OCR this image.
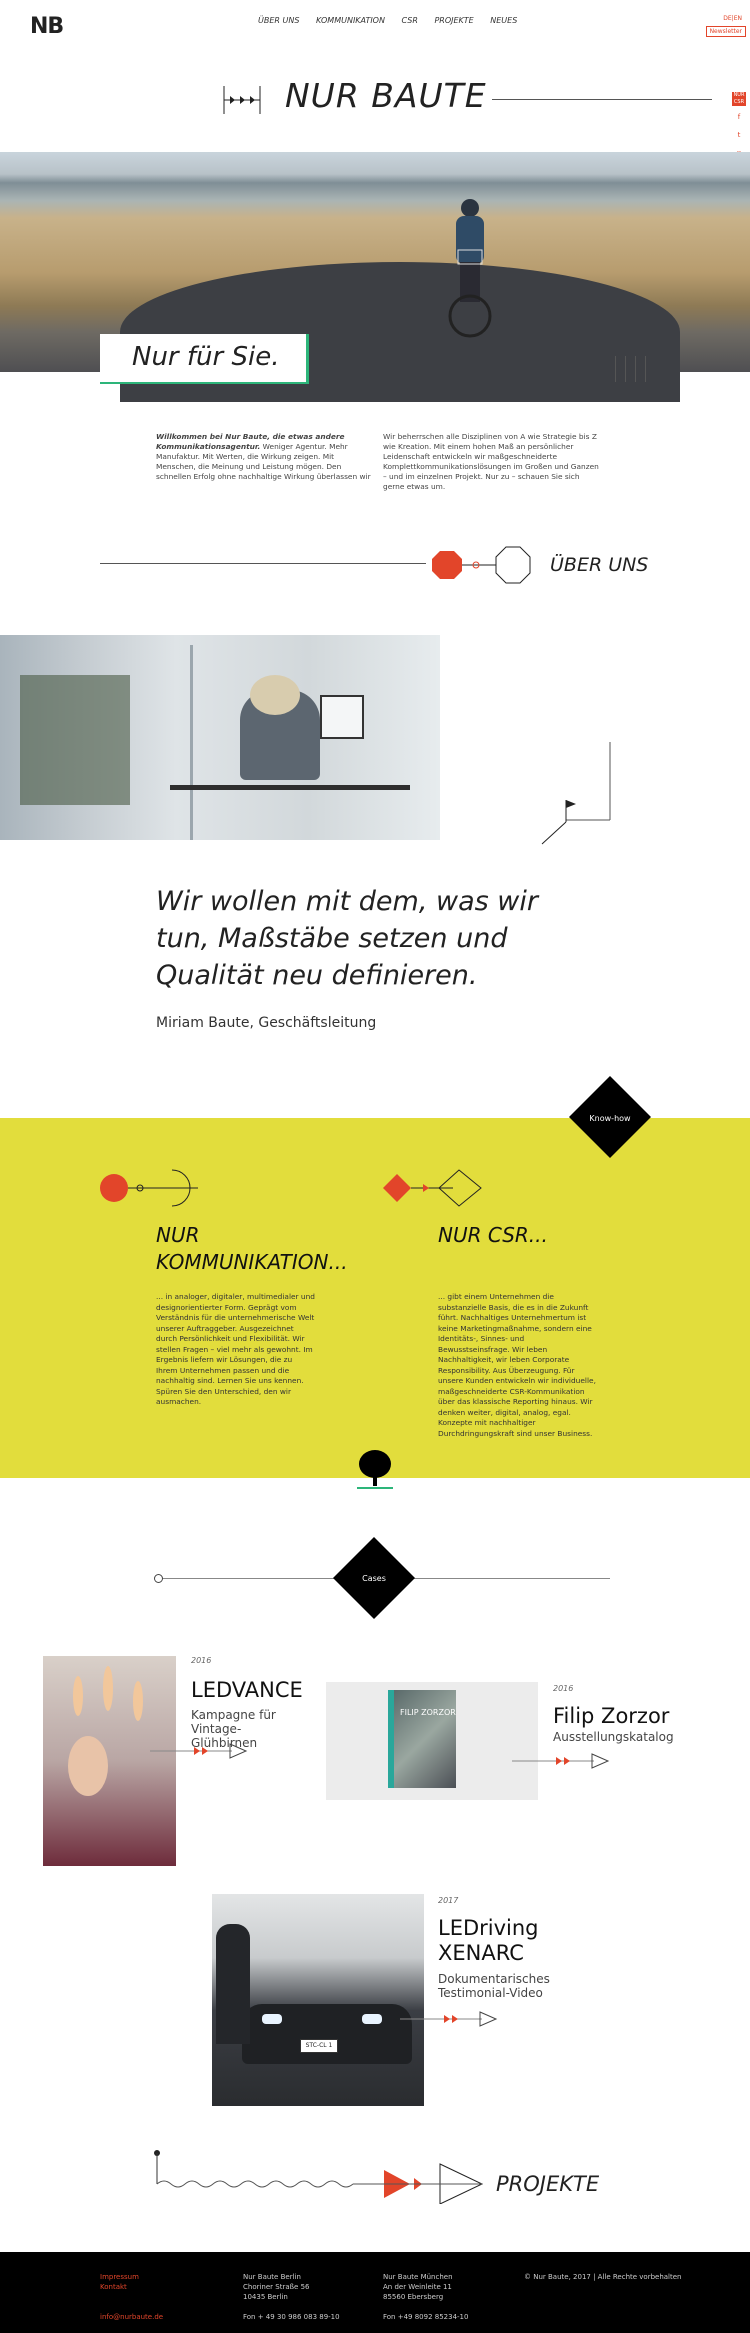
NB	ÜBER UNS KOMMUNIKATION CSR PROJEKTE NEUES	DE|EN
Newsletter
NUR BAUTE	NUR CSR
f
t
Nur für Sie.
Willkommen bei Nur Baute, die etwas andere Kommunikationsagentur. Weniger Agentur. Mehr Manufaktur. Mit Werten, die Wirkung zeigen. Mit Menschen, die Meinung und Leistung mögen. Den schnellen Erfolg ohne nachhaltige Wirkung überlassen wir
Wir beherrschen alle Disziplinen von A wie Strategie bis Z wie Kreation. Mit einem hohen Maß an persönlicher Leidenschaft entwickeln wir maßgeschneiderte Komplettkommunikationslösungen im Großen und Ganzen – und im einzelnen Projekt. Nur zu – schauen Sie sich gerne etwas um.
ÜBER UNS
Wir wollen mit dem, was wir tun, Maßstäbe setzen und Qualität neu definieren.
Miriam Baute, Geschäftsleitung
Know-how
NUR KOMMUNIKATION...
NUR CSR...
... in analoger, digitaler, multimedialer und designorientierter Form. Geprägt vom Verständnis für die unternehmerische Welt unserer Auftraggeber. Ausgezeichnet durch Persönlichkeit und Flexibilität. Wir stellen Fragen – viel mehr als gewohnt. Im Ergebnis liefern wir Lösungen, die zu Ihrem Unternehmen passen und die nachhaltig sind. Lernen Sie uns kennen. Spüren Sie den Unterschied, den wir ausmachen.
... gibt einem Unternehmen die substanzielle Basis, die es in die Zukunft führt. Nachhaltiges Unternehmertum ist keine Marketingmaßnahme, sondern eine Identitäts-, Sinnes- und Bewusstseinsfrage. Wir leben Nachhaltigkeit, wir leben Corporate Responsibility. Aus Überzeugung. Für unsere Kunden entwickeln wir individuelle, maßgeschneiderte CSR-Kommunikation über das klassische Reporting hinaus. Wir denken weiter, digital, analog, egal. Konzepte mit nachhaltiger Durchdringungskraft sind unser Business.
Cases
2016
LEDVANCE
Kampagne für Vintage-Glühbirnen
FILIP ZORZOR
2016
Filip Zorzor
Ausstellungskatalog
STC-CL 1
2017
LEDriving XENARC
Dokumentarisches Testimonial-Video
PROJEKTE
Impressum
Kontakt
info@nurbaute.de
Nur Baute Berlin
Choriner Straße 56
10435 Berlin
Fon + 49 30 986 083 89-10
Nur Baute München
An der Weinleite 11
85560 Ebersberg
Fon +49 8092 85234-10
© Nur Baute, 2017 | Alle Rechte vorbehalten
